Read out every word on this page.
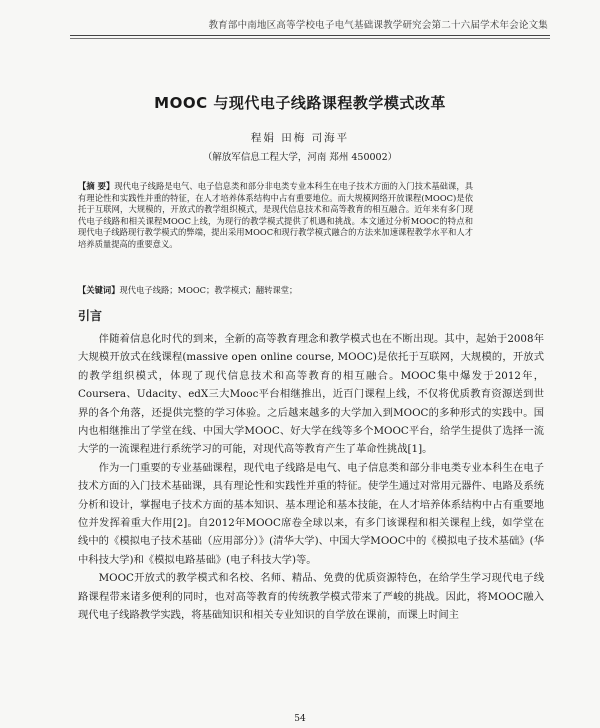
教育部中南地区高等学校电子电气基础课教学研究会第二十六届学术年会论文集
MOOC 与现代电子线路课程教学模式改革
程娟 田梅 司海平
（解放军信息工程大学，河南 郑州 450002）
【摘 要】现代电子线路是电气、电子信息类和部分非电类专业本科生在电子技术方面的入门技术基础课，具有理论性和实践性并重的特征，在人才培养体系结构中占有重要地位。而大规模网络开放课程(MOOC)是依托于互联网，大规模的，开放式的教学组织模式，是现代信息技术和高等教育的相互融合。近年来有多门现代电子线路和相关课程MOOC上线，为现行的教学模式提供了机遇和挑战。本文通过分析MOOC的特点和现代电子线路现行教学模式的弊端，提出采用MOOC和现行教学模式融合的方法来加速课程教学水平和人才培养质量提高的重要意义。
【关键词】现代电子线路；MOOC；教学模式；翻转课堂；
引言

伴随着信息化时代的到来，全新的高等教育理念和教学模式也在不断出现。其中，起始于2008年大规模开放式在线课程(massive open online course, MOOC)是依托于互联网，大规模的，开放式的教学组织模式，体现了现代信息技术和高等教育的相互融合。MOOC集中爆发于2012年，Coursera、Udacity、edX三大Mooc平台相继推出，近百门课程上线，不仅将优质教育资源送到世界的各个角落，还提供完整的学习体验。之后越来越多的大学加入到MOOC的多种形式的实践中。国内也相继推出了学堂在线、中国大学MOOC、好大学在线等多个MOOC平台，给学生提供了选择一流大学的一流课程进行系统学习的可能，对现代高等教育产生了革命性挑战[1]。

作为一门重要的专业基础课程，现代电子线路是电气、电子信息类和部分非电类专业本科生在电子技术方面的入门技术基础课，具有理论性和实践性并重的特征。使学生通过对常用元器件、电路及系统分析和设计，掌握电子技术方面的基本知识、基本理论和基本技能，在人才培养体系结构中占有重要地位并发挥着重大作用[2]。自2012年MOOC席卷全球以来，有多门该课程和相关课程上线，如学堂在线中的《模拟电子技术基础（应用部分）》(清华大学)、中国大学MOOC中的《模拟电子技术基础》(华中科技大学)和《模拟电路基础》(电子科技大学)等。

MOOC开放式的教学模式和名校、名师、精品、免费的优质资源特色，在给学生学习现代电子线路课程带来诸多便利的同时，也对高等教育的传统教学模式带来了严峻的挑战。因此，将MOOC融入现代电子线路教学实践，将基础知识和相关专业知识的自学放在课前，而课上时间主

54
